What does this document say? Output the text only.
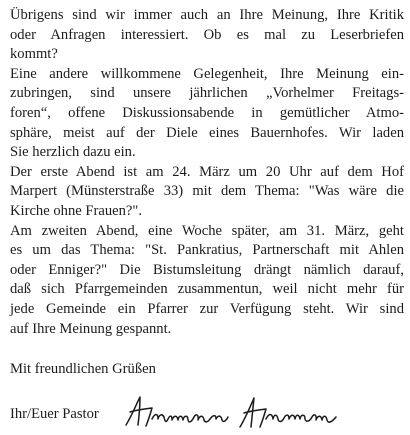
Übrigens sind wir immer auch an Ihre Meinung, Ihre Kritik
oder Anfragen interessiert. Ob es mal zu Leserbriefen
kommt?
Eine andere willkommene Gelegenheit, Ihre Meinung ein-
zubringen, sind unsere jährlichen „Vorhelmer Freitags-
foren“, offene Diskussionsabende in gemütlicher Atmo-
sphäre, meist auf der Diele eines Bauernhofes. Wir laden
Sie herzlich dazu ein.
Der erste Abend ist am 24. März um 20 Uhr auf dem Hof
Marpert (Münsterstraße 33) mit dem Thema: "Was wäre die
Kirche ohne Frauen?".
Am zweiten Abend, eine Woche später, am 31. März, geht
es um das Thema: "St. Pankratius, Partnerschaft mit Ahlen
oder Enniger?" Die Bistumsleitung drängt nämlich darauf,
daß sich Pfarrgemeinden zusammentun, weil nicht mehr für
jede Gemeinde ein Pfarrer zur Verfügung steht. Wir sind
auf Ihre Meinung gespannt.
Mit freundlichen Grüßen
Ihr/Euer Pastor
